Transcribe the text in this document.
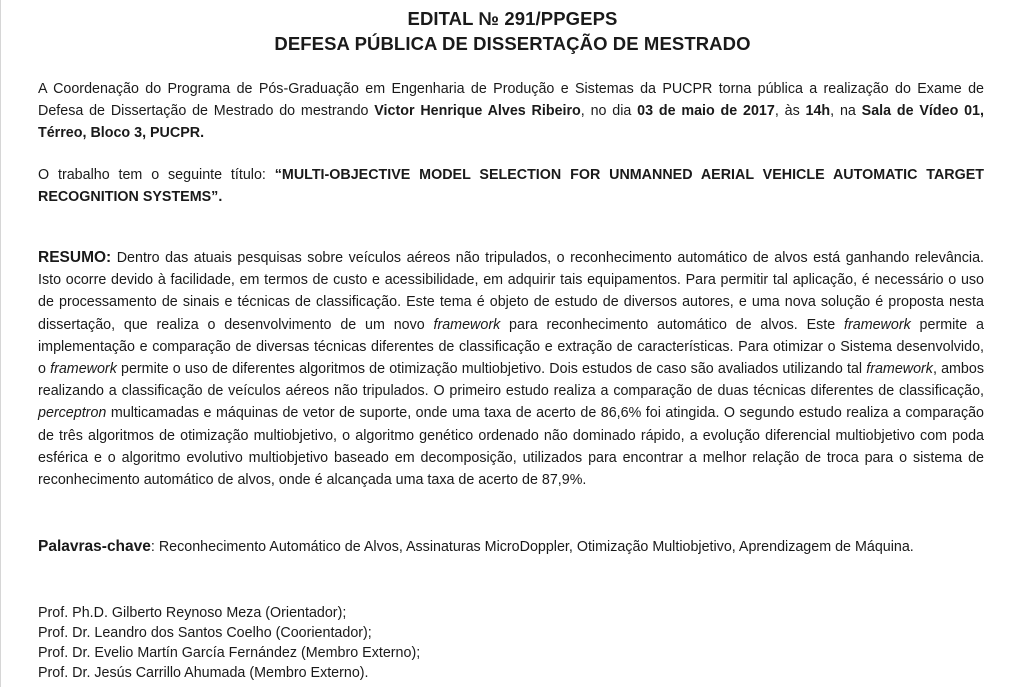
EDITAL № 291/PPGEPS
DEFESA PÚBLICA DE DISSERTAÇÃO DE MESTRADO

A Coordenação do Programa de Pós-Graduação em Engenharia de Produção e Sistemas da PUCPR torna pública a realização do Exame de Defesa de Dissertação de Mestrado do mestrando Victor Henrique Alves Ribeiro, no dia 03 de maio de 2017, às 14h, na Sala de Vídeo 01, Térreo, Bloco 3, PUCPR.

O trabalho tem o seguinte título: “MULTI-OBJECTIVE MODEL SELECTION FOR UNMANNED AERIAL VEHICLE AUTOMATIC TARGET RECOGNITION SYSTEMS”.

RESUMO: Dentro das atuais pesquisas sobre veículos aéreos não tripulados, o reconhecimento automático de alvos está ganhando relevância. Isto ocorre devido à facilidade, em termos de custo e acessibilidade, em adquirir tais equipamentos. Para permitir tal aplicação, é necessário o uso de processamento de sinais e técnicas de classificação. Este tema é objeto de estudo de diversos autores, e uma nova solução é proposta nesta dissertação, que realiza o desenvolvimento de um novo framework para reconhecimento automático de alvos. Este framework permite a implementação e comparação de diversas técnicas diferentes de classificação e extração de características. Para otimizar o Sistema desenvolvido, o framework permite o uso de diferentes algoritmos de otimização multiobjetivo. Dois estudos de caso são avaliados utilizando tal framework, ambos realizando a classificação de veículos aéreos não tripulados. O primeiro estudo realiza a comparação de duas técnicas diferentes de classificação, perceptron multicamadas e máquinas de vetor de suporte, onde uma taxa de acerto de 86,6% foi atingida. O segundo estudo realiza a comparação de três algoritmos de otimização multiobjetivo, o algoritmo genético ordenado não dominado rápido, a evolução diferencial multiobjetivo com poda esférica e o algoritmo evolutivo multiobjetivo baseado em decomposição, utilizados para encontrar a melhor relação de troca para o sistema de reconhecimento automático de alvos, onde é alcançada uma taxa de acerto de 87,9%.

Palavras-chave: Reconhecimento Automático de Alvos, Assinaturas MicroDoppler, Otimização Multiobjetivo, Aprendizagem de Máquina.

Prof. Ph.D. Gilberto Reynoso Meza (Orientador);
Prof. Dr. Leandro dos Santos Coelho (Coorientador);
Prof. Dr. Evelio Martín García Fernández (Membro Externo);
Prof. Dr. Jesús Carrillo Ahumada (Membro Externo).
